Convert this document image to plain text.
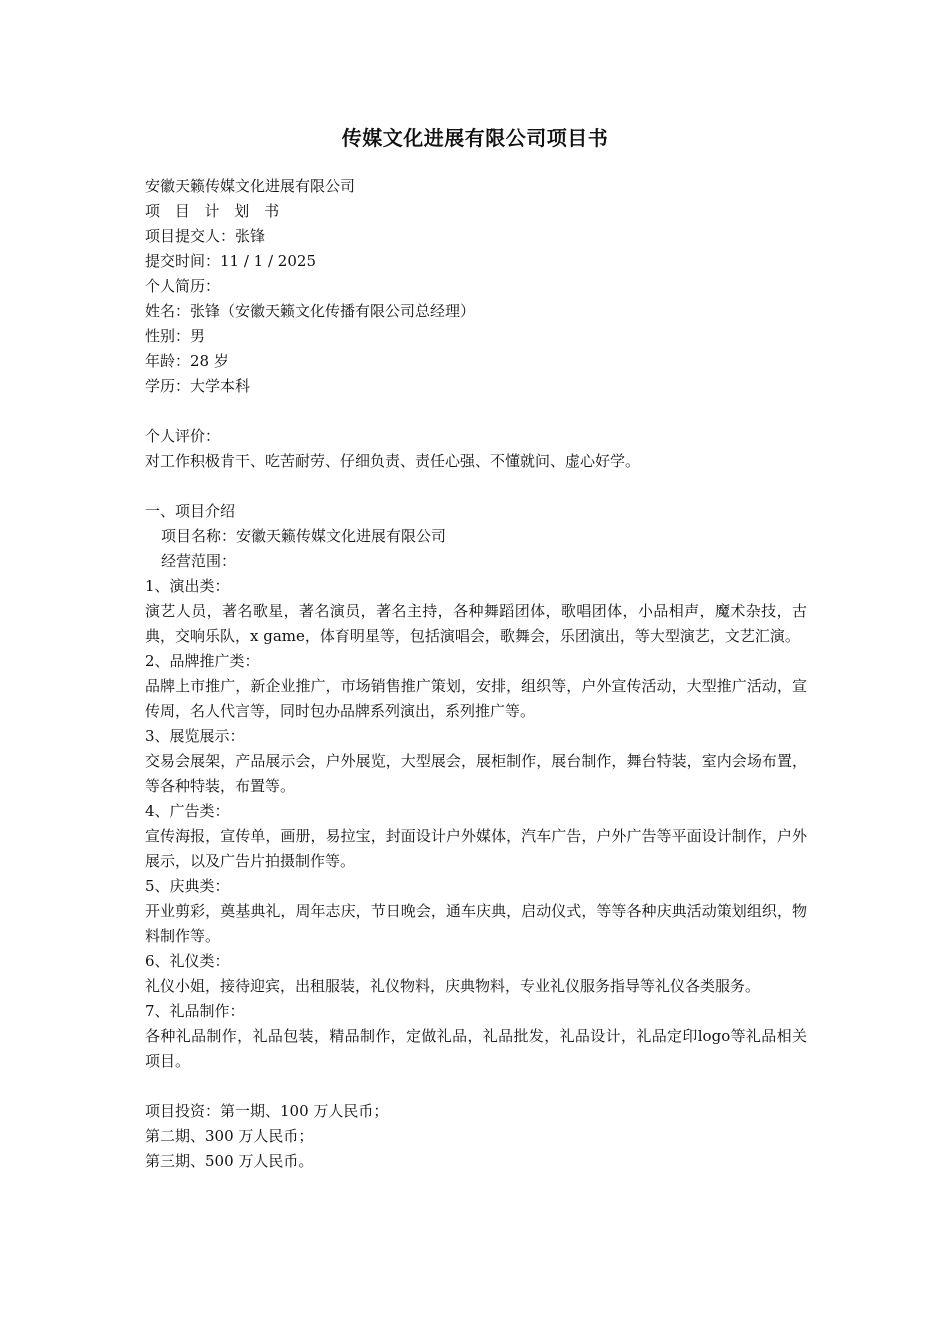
传媒文化进展有限公司项目书

安徽天籁传媒文化进展有限公司

项 目 计 划 书

项目提交人：张锋

提交时间：11 / 1 / 2025

个人简历：

姓名：张锋（安徽天籁文化传播有限公司总经理）

性别：男

年龄：28 岁

学历：大学本科

个人评价：

对工作积极肯干、吃苦耐劳、仔细负责、责任心强、不懂就问、虚心好学。

一、项目介绍

项目名称：安徽天籁传媒文化进展有限公司

经营范围：

1、演出类：

演艺人员，著名歌星，著名演员，著名主持，各种舞蹈团体，歌唱团体，小品相声，魔术杂技，古典，交响乐队，x game，体育明星等，包括演唱会，歌舞会，乐团演出，等大型演艺，文艺汇演。

2、品牌推广类：

品牌上市推广，新企业推广，市场销售推广策划，安排，组织等，户外宣传活动，大型推广活动，宣传周，名人代言等，同时包办品牌系列演出，系列推广等。

3、展览展示：

交易会展架，产品展示会，户外展览，大型展会，展柜制作，展台制作，舞台特装，室内会场布置，等各种特装，布置等。

4、广告类：

宣传海报，宣传单，画册，易拉宝，封面设计户外媒体，汽车广告，户外广告等平面设计制作，户外展示，以及广告片拍摄制作等。

5、庆典类：

开业剪彩，奠基典礼，周年志庆，节日晚会，通车庆典，启动仪式，等等各种庆典活动策划组织，物料制作等。

6、礼仪类：

礼仪小姐，接待迎宾，出租服装，礼仪物料，庆典物料，专业礼仪服务指导等礼仪各类服务。

7、礼品制作：

各种礼品制作，礼品包装，精品制作，定做礼品，礼品批发，礼品设计，礼品定印logo等礼品相关项目。

项目投资：第一期、100 万人民币；

第二期、300 万人民币；

第三期、500 万人民币。
